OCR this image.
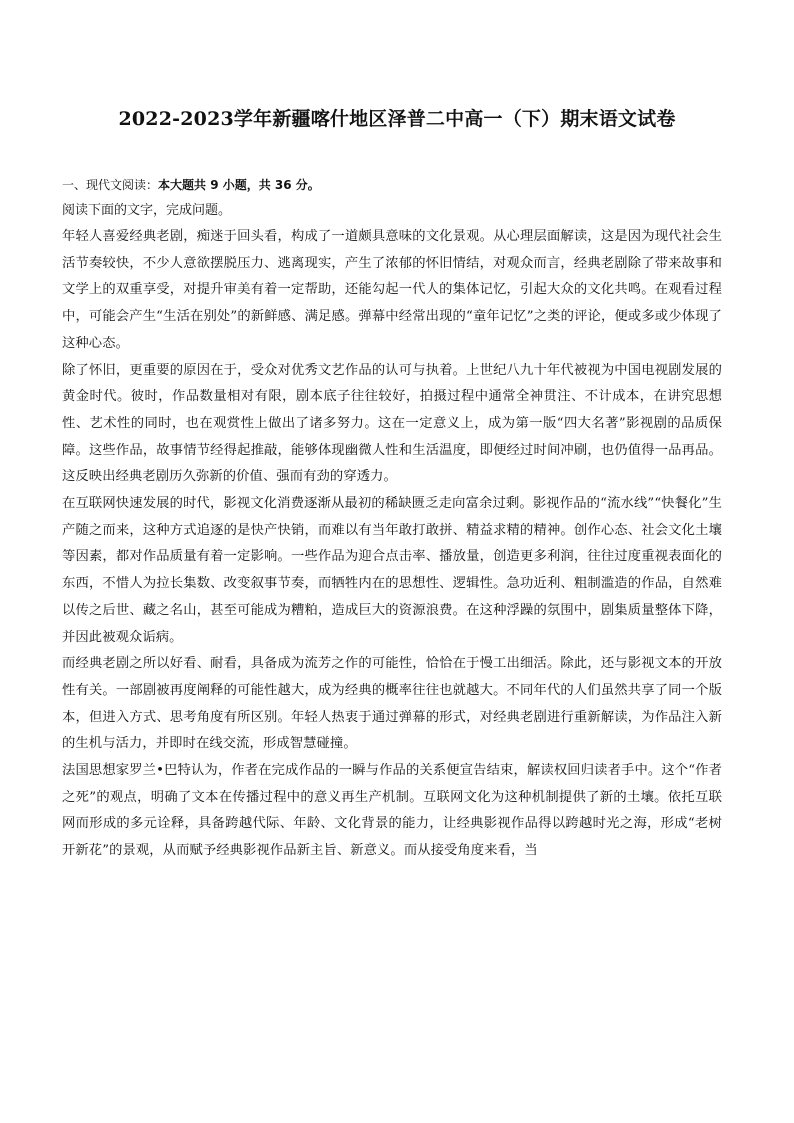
2022-2023学年新疆喀什地区泽普二中高一（下）期末语文试卷
一、现代文阅读：本大题共 9 小题，共 36 分。
阅读下面的文字，完成问题。
年轻人喜爱经典老剧，痴迷于回头看，构成了一道颇具意味的文化景观。从心理层面解读，这是因为现代社会生活节奏较快，不少人意欲摆脱压力、逃离现实，产生了浓郁的怀旧情结，对观众而言，经典老剧除了带来故事和文学上的双重享受，对提升审美有着一定帮助，还能勾起一代人的集体记忆，引起大众的文化共鸣。在观看过程中，可能会产生“生活在别处”的新鲜感、满足感。弹幕中经常出现的“童年记忆”之类的评论，便或多或少体现了这种心态。
除了怀旧，更重要的原因在于，受众对优秀文艺作品的认可与执着。上世纪八九十年代被视为中国电视剧发展的黄金时代。彼时，作品数量相对有限，剧本底子往往较好，拍摄过程中通常全神贯注、不计成本，在讲究思想性、艺术性的同时，也在观赏性上做出了诸多努力。这在一定意义上，成为第一版“四大名著”影视剧的品质保障。这些作品，故事情节经得起推敲，能够体现幽微人性和生活温度，即便经过时间冲刷，也仍值得一品再品。这反映出经典老剧历久弥新的价值、强而有劲的穿透力。
在互联网快速发展的时代，影视文化消费逐渐从最初的稀缺匮乏走向富余过剩。影视作品的“流水线”“快餐化”生产随之而来，这种方式追逐的是快产快销，而难以有当年敢打敢拼、精益求精的精神。创作心态、社会文化土壤等因素，都对作品质量有着一定影响。一些作品为迎合点击率、播放量，创造更多利润，往往过度重视表面化的东西，不惜人为拉长集数、改变叙事节奏，而牺牲内在的思想性、逻辑性。急功近利、粗制滥造的作品，自然难以传之后世、藏之名山，甚至可能成为糟粕，造成巨大的资源浪费。在这种浮躁的氛围中，剧集质量整体下降，并因此被观众诟病。
而经典老剧之所以好看、耐看，具备成为流芳之作的可能性，恰恰在于慢工出细活。除此，还与影视文本的开放性有关。一部剧被再度阐释的可能性越大，成为经典的概率往往也就越大。不同年代的人们虽然共享了同一个版本，但进入方式、思考角度有所区别。年轻人热衷于通过弹幕的形式，对经典老剧进行重新解读，为作品注入新的生机与活力，并即时在线交流，形成智慧碰撞。
法国思想家罗兰•巴特认为，作者在完成作品的一瞬与作品的关系便宣告结束，解读权回归读者手中。这个“作者之死”的观点，明确了文本在传播过程中的意义再生产机制。互联网文化为这种机制提供了新的土壤。依托互联网而形成的多元诠释，具备跨越代际、年龄、文化背景的能力，让经典影视作品得以跨越时光之海，形成“老树开新花”的景观，从而赋予经典影视作品新主旨、新意义。而从接受角度来看，当
